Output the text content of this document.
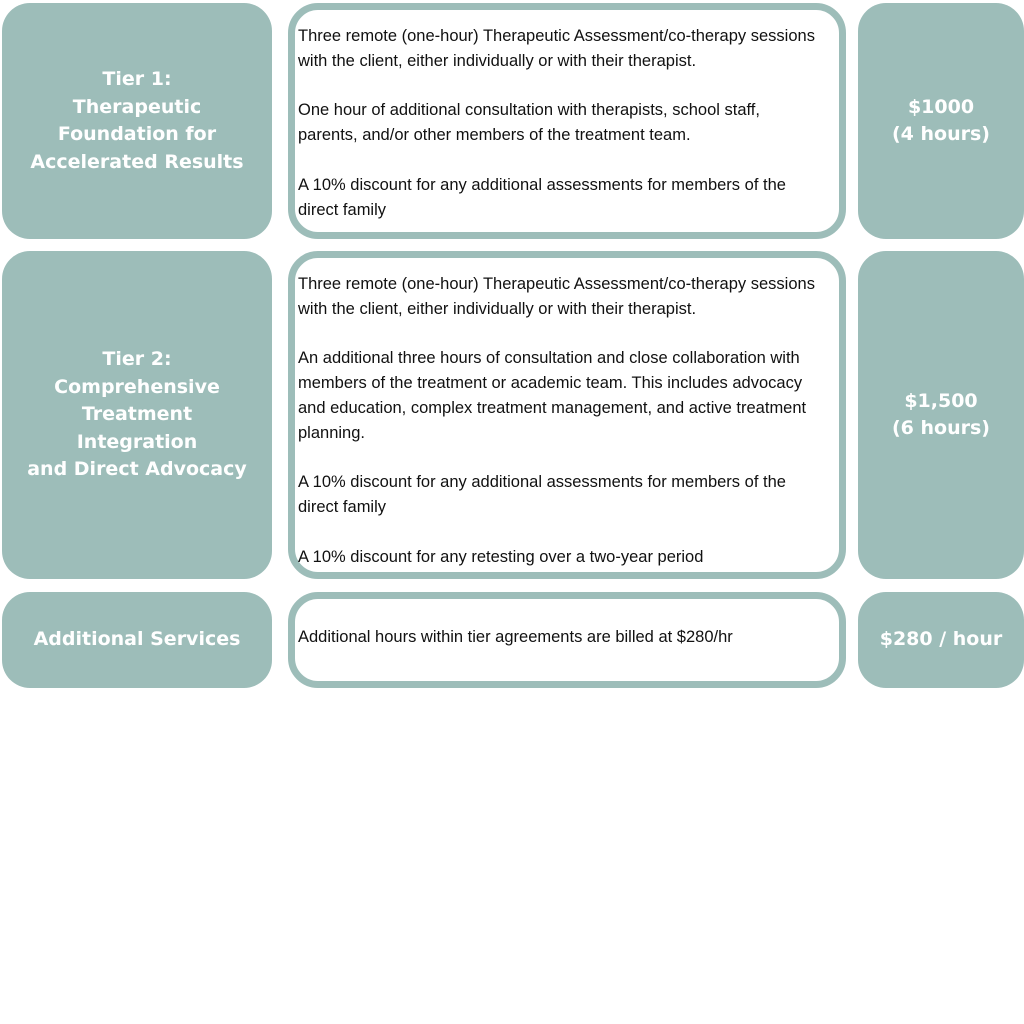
Tier 1:
Therapeutic
Foundation for
Accelerated Results

Three remote (one-hour) Therapeutic Assessment/co-therapy sessions with the client, either individually or with their therapist.

One hour of additional consultation with therapists, school staff, parents, and/or other members of the treatment team.

A 10% discount for any additional assessments for members of the direct family

$1000
(4 hours)
Tier 2:
Comprehensive
Treatment Integration
and Direct Advocacy

Three remote (one-hour) Therapeutic Assessment/co-therapy sessions with the client, either individually or with their therapist.

An additional three hours of consultation and close collaboration with members of the treatment or academic team. This includes advocacy and education, complex treatment management, and active treatment planning.

A 10% discount for any additional assessments for members of the direct family

A 10% discount for any retesting over a two-year period

$1,500
(6 hours)
Additional Services	Additional hours within tier agreements are billed at $280/hr	$280 / hour
